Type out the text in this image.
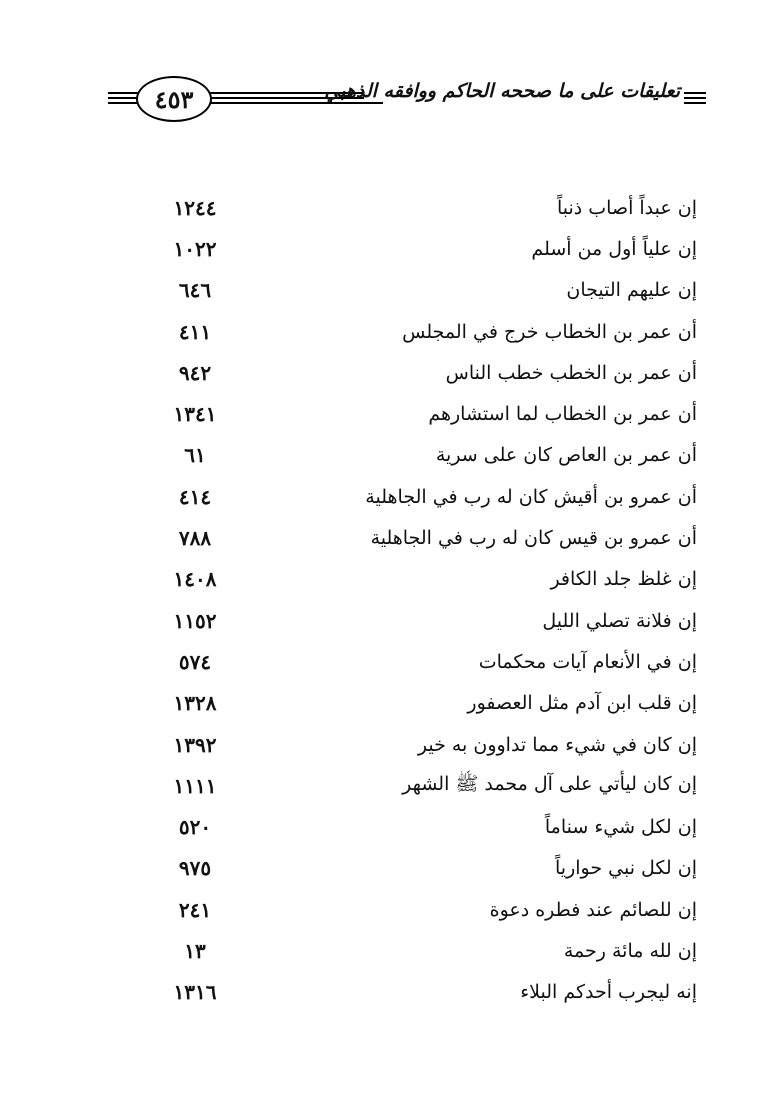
٤٥٣	تعليقات على ما صححه الحاكم ووافقه الذهبي
إن عبداً أصاب ذنباً
١٢٤٤
إن علياً أول من أسلم
١٠٢٢
إن عليهم التيجان
٦٤٦
أن عمر بن الخطاب خرج في المجلس
٤١١
أن عمر بن الخطب خطب الناس
٩٤٢
أن عمر بن الخطاب لما استشارهم
١٣٤١
أن عمر بن العاص كان على سرية
٦١
أن عمرو بن أقيش كان له رب في الجاهلية
٤١٤
أن عمرو بن قيس كان له رب في الجاهلية
٧٨٨
إن غلظ جلد الكافر
١٤٠٨
إن فلانة تصلي الليل
١١٥٢
إن في الأنعام آيات محكمات
٥٧٤
إن قلب ابن آدم مثل العصفور
١٣٢٨
إن كان في شيء مما تداوون به خير
١٣٩٢
إن كان ليأتي على آل محمد ﷺ الشهر
١١١١
إن لكل شيء سناماً
٥٢٠
إن لكل نبي حوارياً
٩٧٥
إن للصائم عند فطره دعوة
٢٤١
إن لله مائة رحمة
١٣
إنه ليجرب أحدكم البلاء
١٣١٦
